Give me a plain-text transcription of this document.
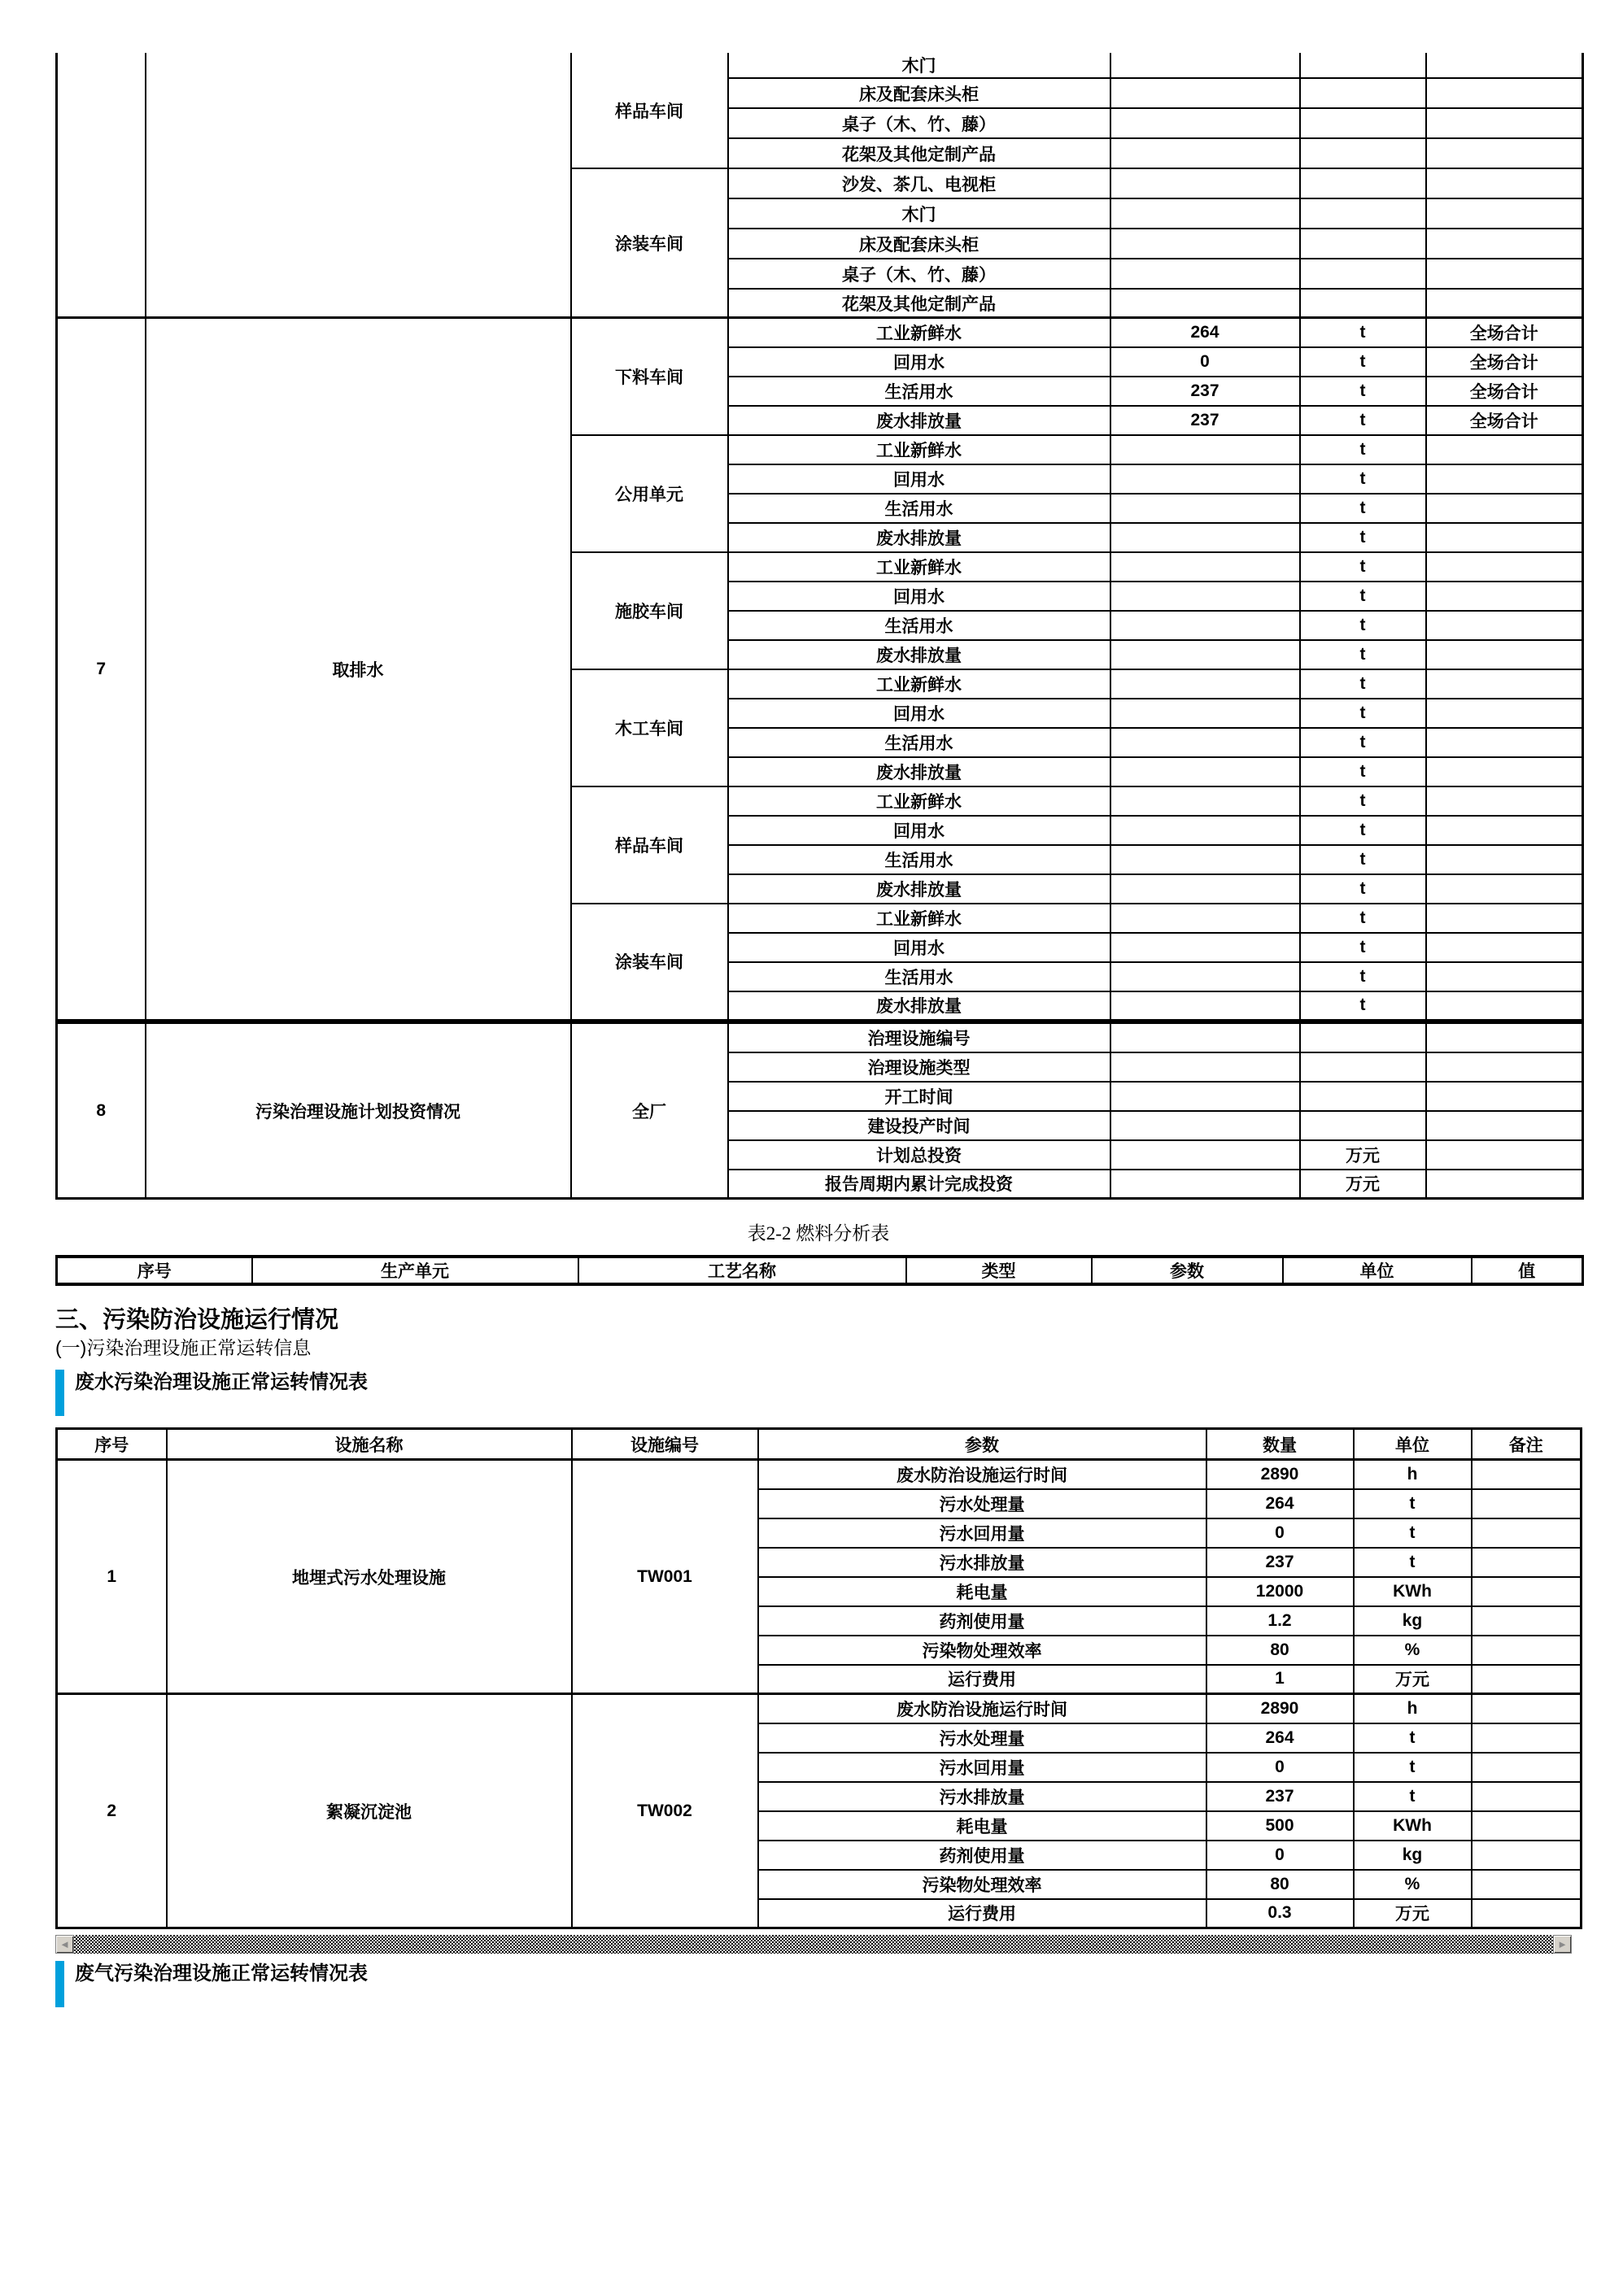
		样品车间	木门			
			床及配套床头柜			
			桌子（木、竹、藤）			
			花架及其他定制产品			
		涂装车间	沙发、茶几、电视柜			
			木门			
			床及配套床头柜			
			桌子（木、竹、藤）			
			花架及其他定制产品			
7	取排水	下料车间	工业新鲜水	264	t	全场合计
			回用水	0	t	全场合计
			生活用水	237	t	全场合计
			废水排放量	237	t	全场合计
		公用单元	工业新鲜水		t	
			回用水		t	
			生活用水		t	
			废水排放量		t	
		施胶车间	工业新鲜水		t	
			回用水		t	
			生活用水		t	
			废水排放量		t	
		木工车间	工业新鲜水		t	
			回用水		t	
			生活用水		t	
			废水排放量		t	
		样品车间	工业新鲜水		t	
			回用水		t	
			生活用水		t	
			废水排放量		t	
		涂装车间	工业新鲜水		t	
			回用水		t	
			生活用水		t	
			废水排放量		t	
8	污染治理设施计划投资情况	全厂	治理设施编号			
			治理设施类型			
			开工时间			
			建设投产时间			
			计划总投资		万元	
			报告周期内累计完成投资		万元	
表2-2 燃料分析表
序号	生产单元	工艺名称	类型	参数	单位	值
三、污染防治设施运行情况
(一)污染治理设施正常运转信息
废水污染治理设施正常运转情况表
序号	设施名称	设施编号	参数	数量	单位	备注
1	地埋式污水处理设施	TW001	废水防治设施运行时间	2890	h	
			污水处理量	264	t	
			污水回用量	0	t	
			污水排放量	237	t	
			耗电量	12000	KWh	
			药剂使用量	1.2	kg	
			污染物处理效率	80	%	
			运行费用	1	万元	
2	絮凝沉淀池	TW002	废水防治设施运行时间	2890	h	
			污水处理量	264	t	
			污水回用量	0	t	
			污水排放量	237	t	
			耗电量	500	KWh	
			药剂使用量	0	kg	
			污染物处理效率	80	%	
			运行费用	0.3	万元	
◄	►
废气污染治理设施正常运转情况表
